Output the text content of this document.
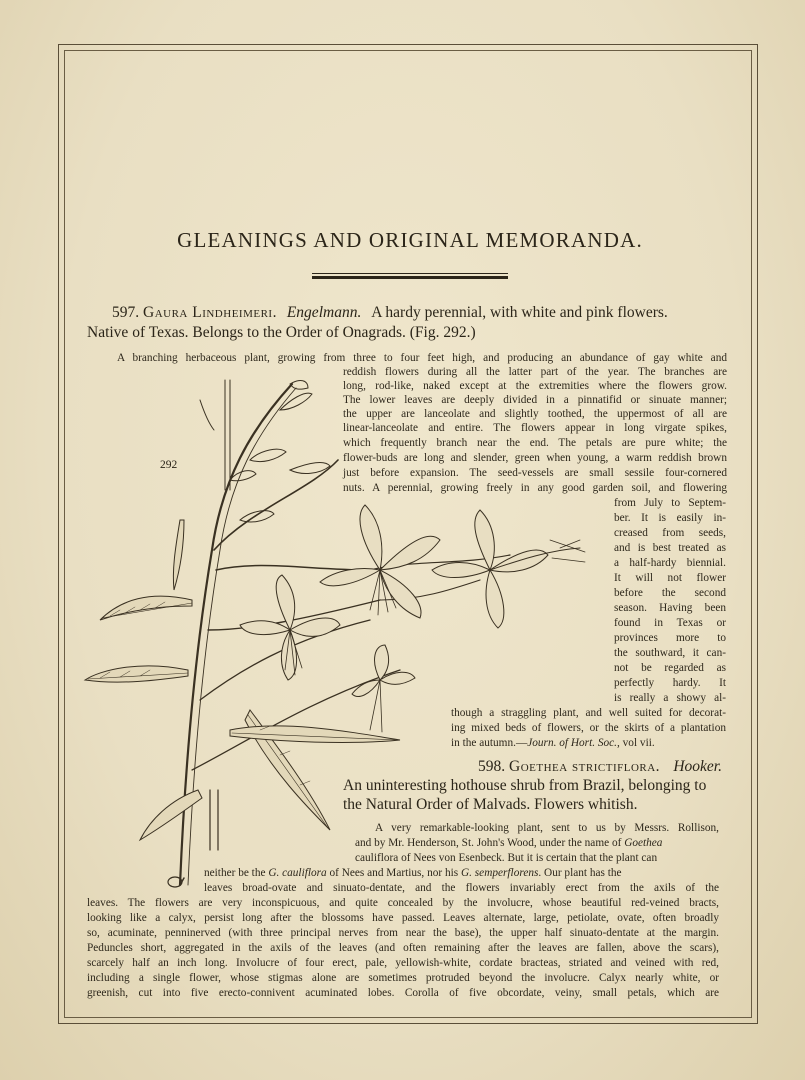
GLEANINGS AND ORIGINAL MEMORANDA.
597. Gaura Lindheimeri. Engelmann. A hardy perennial, with white and pink flowers.
Native of Texas. Belongs to the Order of Onagrads. (Fig. 292.)
A branching herbaceous plant, growing from three to four feet high, and producing an abundance of gay white and
reddish flowers during all the latter part of the year. The branches are
long, rod-like, naked except at the extremities where the flowers grow.
The lower leaves are deeply divided in a pinnatifid or sinuate manner;
the upper are lanceolate and slightly toothed, the uppermost of all are
linear-lanceolate and entire. The flowers appear in long virgate spikes,
which frequently branch near the end. The petals are pure white; the
flower-buds are long and slender, green when young, a warm reddish brown
just before expansion. The seed-vessels are small sessile four-cornered
nuts. A perennial, growing freely in any good garden soil, and flowering
from July to Septem-
ber. It is easily in-
creased from seeds,
and is best treated as
a half-hardy biennial.
It will not flower
before the second
season. Having been
found in Texas or
provinces more to
the southward, it can-
not be regarded as
perfectly hardy. It
is really a showy al-
though a straggling plant, and well suited for decorat-
ing mixed beds of flowers, or the skirts of a plantation
in the autumn.—Journ. of Hort. Soc., vol vii.
598. Goethea strictiflora. Hooker.
An uninteresting hothouse shrub from Brazil, belonging to
the Natural Order of Malvads. Flowers whitish.
A very remarkable-looking plant, sent to us by Messrs. Rollison,
and by Mr. Henderson, St. John's Wood, under the name of Goethea
cauliflora of Nees von Esenbeck. But it is certain that the plant can
neither be the G. cauliflora of Nees and Martius, nor his G. semperflorens. Our plant has the
leaves broad-ovate and sinuato-dentate, and the flowers invariably erect from the axils of the
leaves. The flowers are very inconspicuous, and quite concealed by the involucre, whose beautiful red-veined bracts,
looking like a calyx, persist long after the blossoms have passed. Leaves alternate, large, petiolate, ovate, often broadly
so, acuminate, penninerved (with three principal nerves from near the base), the upper half sinuato-dentate at the margin.
Peduncles short, aggregated in the axils of the leaves (and often remaining after the leaves are fallen, above the scars),
scarcely half an inch long. Involucre of four erect, pale, yellowish-white, cordate bracteas, striated and veined with red,
including a single flower, whose stigmas alone are sometimes protruded beyond the involucre. Calyx nearly white, or
greenish, cut into five erecto-connivent acuminated lobes. Corolla of five obcordate, veiny, small petals, which are
292
